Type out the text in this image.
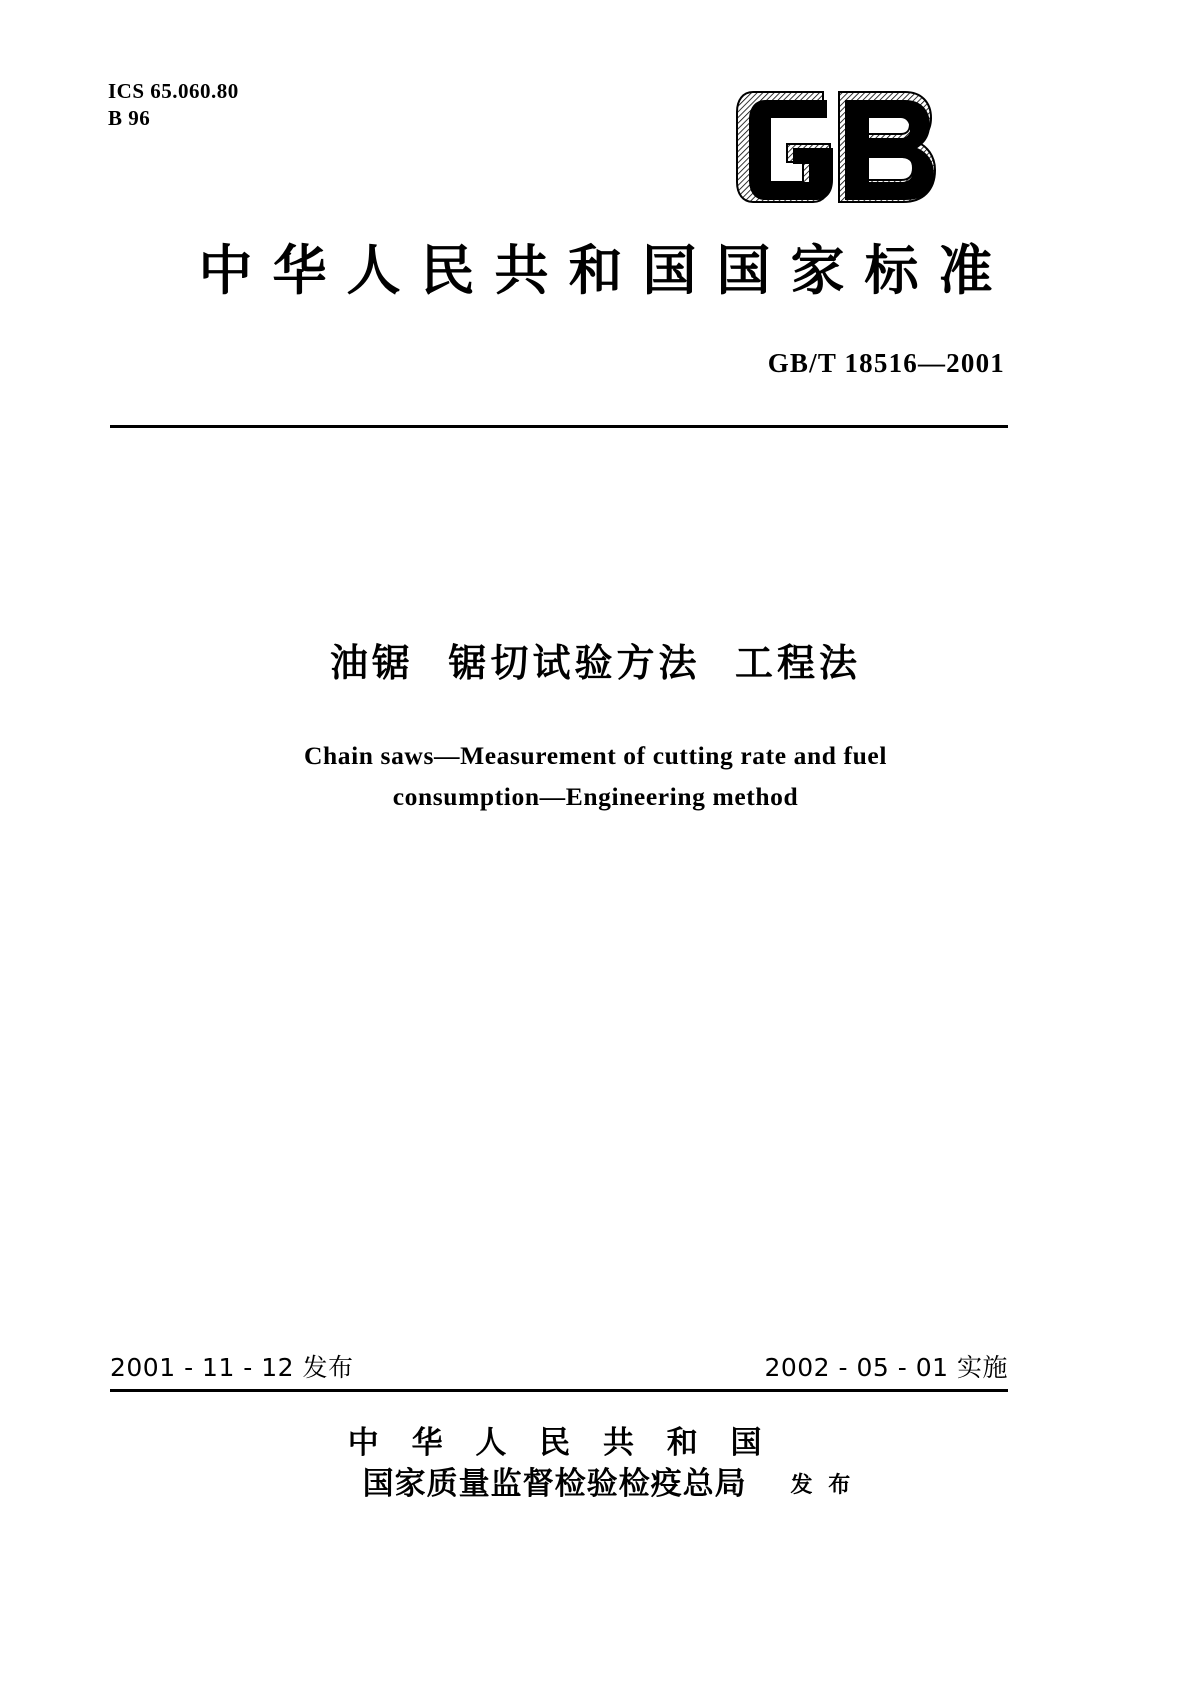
ICS 65.060.80
B 96
中华人民共和国国家标准
GB/T 18516—2001
油锯  锯切试验方法  工程法
Chain saws—Measurement of cutting rate and fuel
consumption—Engineering method
2001 - 11 - 12 发布	2002 - 05 - 01 实施
中 华 人 民 共 和 国
国家质量监督检验检疫总局	发 布
